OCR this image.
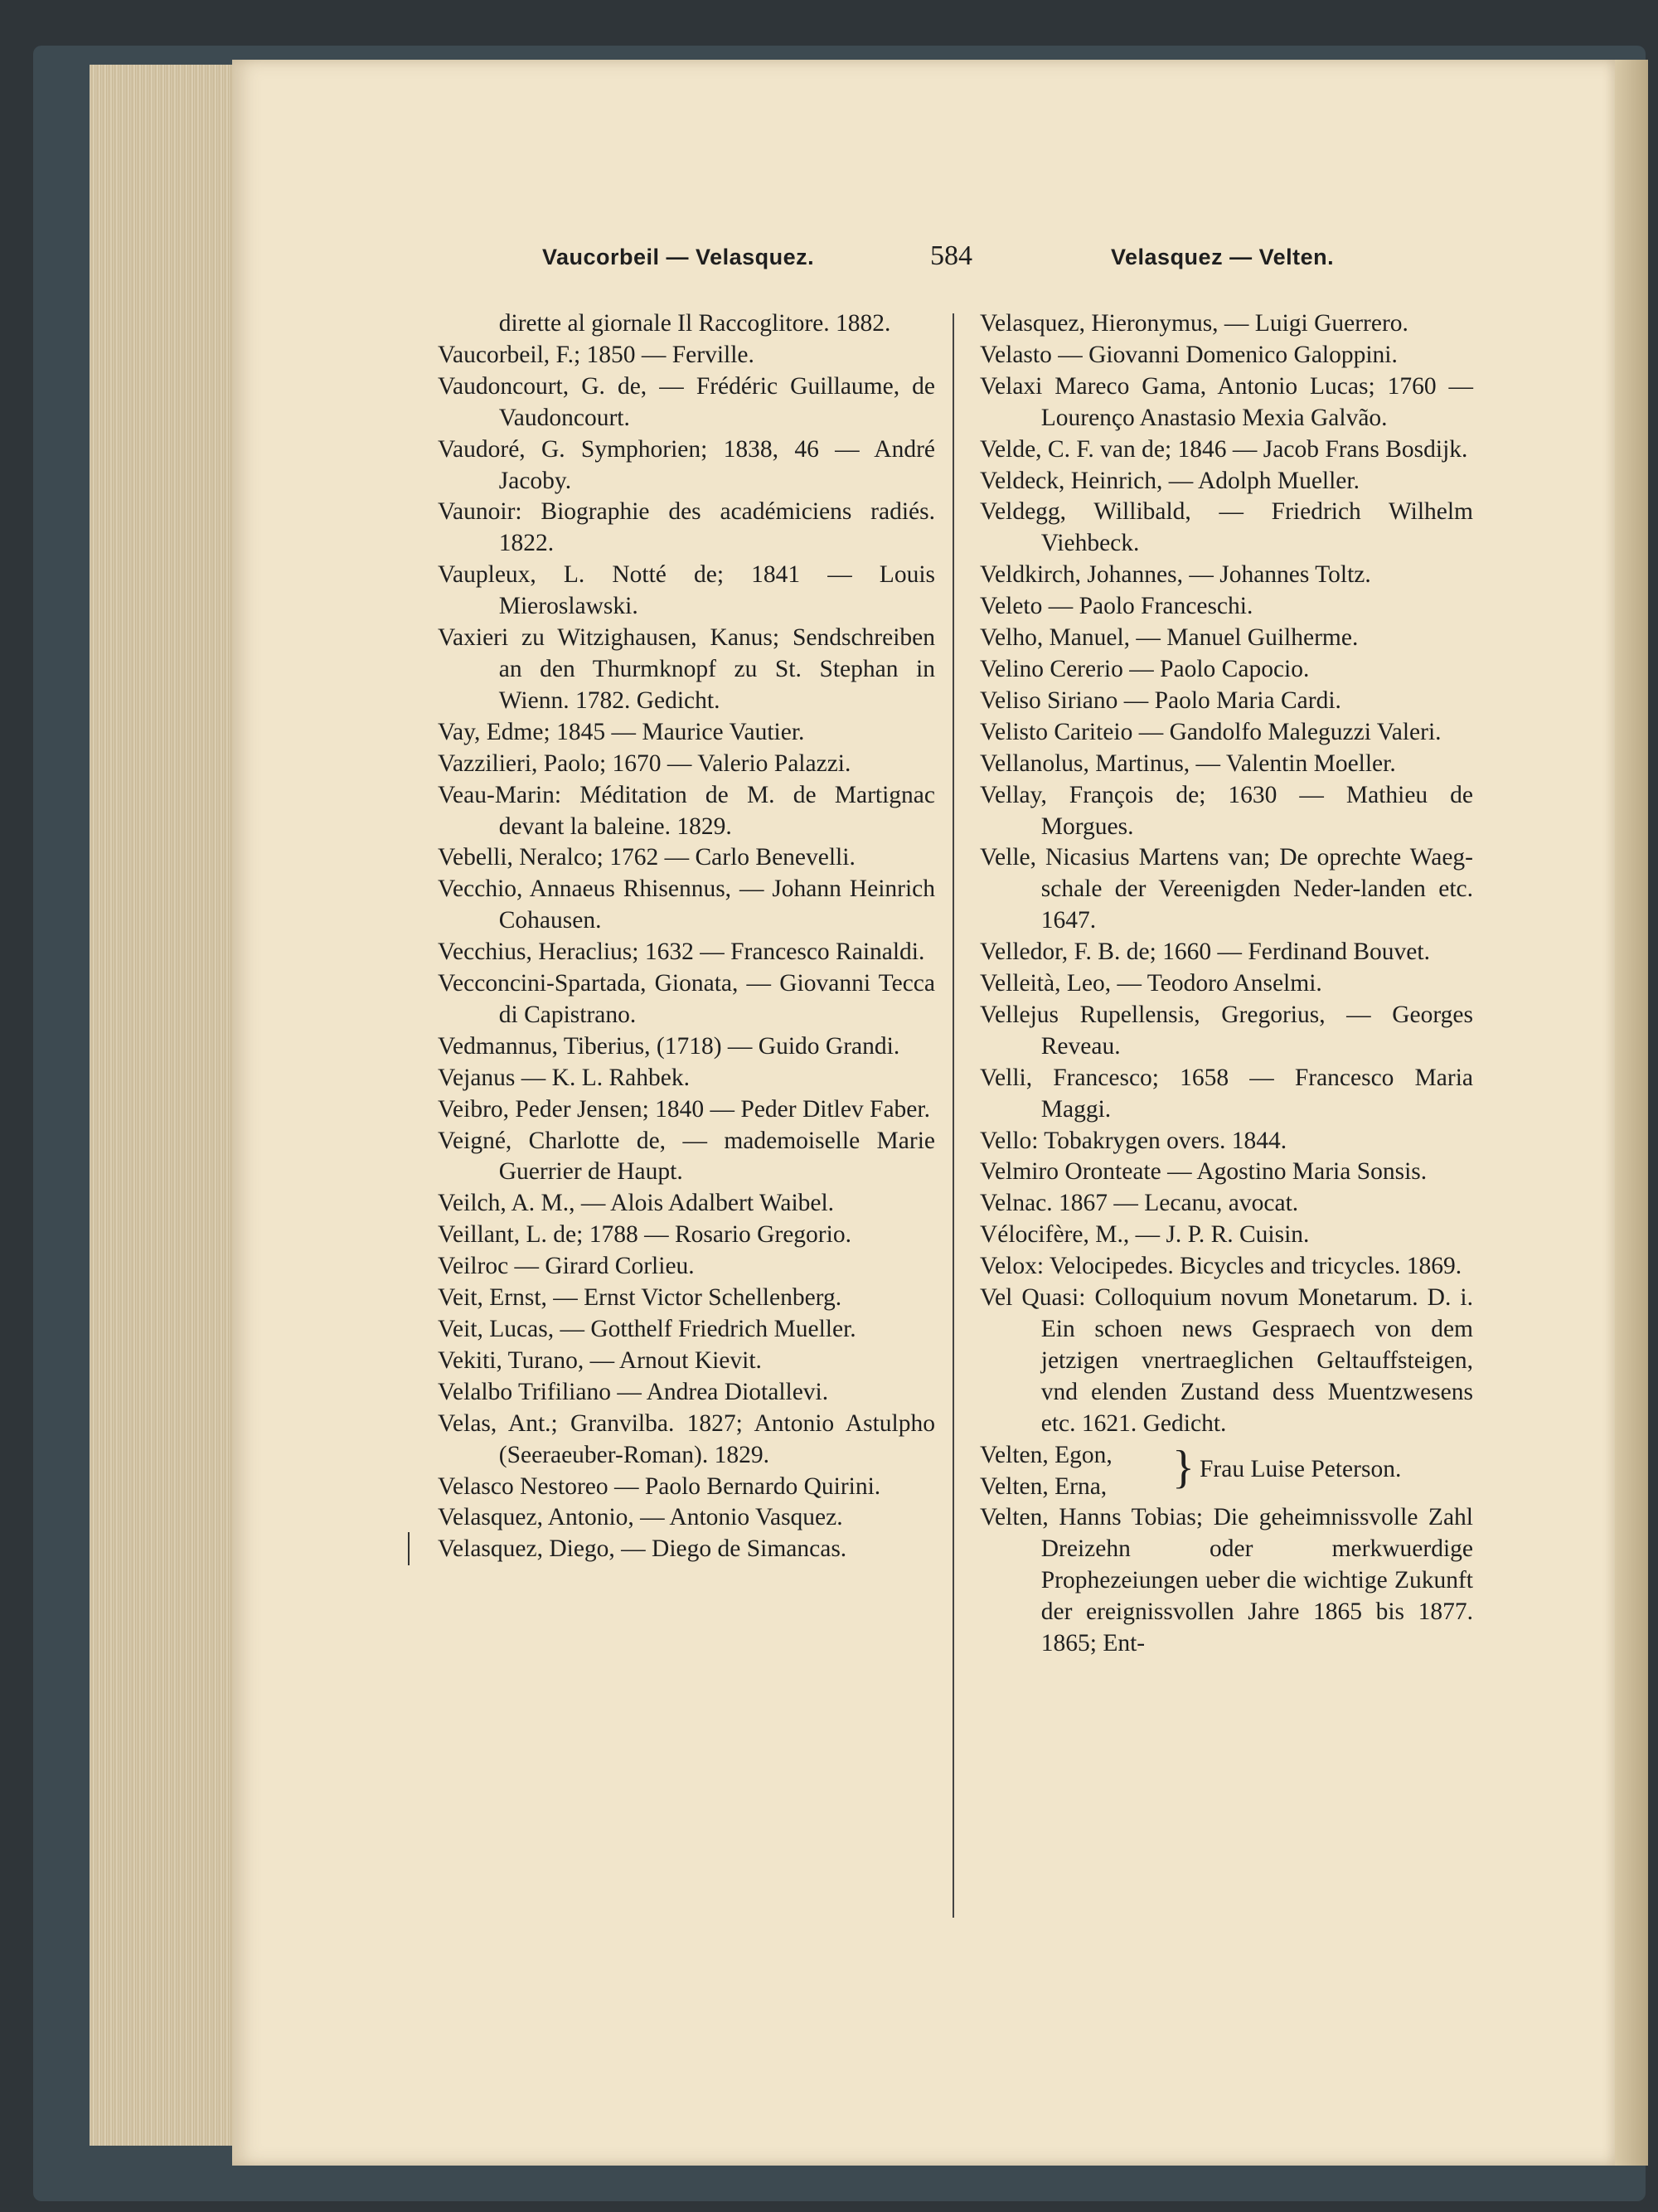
Vaucorbeil — Velasquez.	584	Velasquez — Velten.

dirette al giornale Il Raccoglitore. 1882.

Vaucorbeil, F.; 1850 — Ferville.

Vaudoncourt, G. de, — Frédéric Guillaume, de Vaudoncourt.

Vaudoré, G. Symphorien; 1838, 46 — André Jacoby.

Vaunoir: Biographie des académiciens radiés. 1822.

Vaupleux, L. Notté de; 1841 — Louis Mieroslawski.

Vaxieri zu Witzighausen, Kanus; Sendschreiben an den Thurmknopf zu St. Stephan in Wienn. 1782. Gedicht.

Vay, Edme; 1845 — Maurice Vautier.

Vazzilieri, Paolo; 1670 — Valerio Palazzi.

Veau-Marin: Méditation de M. de Martignac devant la baleine. 1829.

Vebelli, Neralco; 1762 — Carlo Benevelli.

Vecchio, Annaeus Rhisennus, — Johann Heinrich Cohausen.

Vecchius, Heraclius; 1632 — Francesco Rainaldi.

Vecconcini-Spartada, Gionata, — Giovanni Tecca di Capistrano.

Vedmannus, Tiberius, (1718) — Guido Grandi.

Vejanus — K. L. Rahbek.

Veibro, Peder Jensen; 1840 — Peder Ditlev Faber.

Veigné, Charlotte de, — mademoiselle Marie Guerrier de Haupt.

Veilch, A. M., — Alois Adalbert Waibel.

Veillant, L. de; 1788 — Rosario Gregorio.

Veilroc — Girard Corlieu.

Veit, Ernst, — Ernst Victor Schellenberg.

Veit, Lucas, — Gotthelf Friedrich Mueller.

Vekiti, Turano, — Arnout Kievit.

Velalbo Trifiliano — Andrea Diotallevi.

Velas, Ant.; Granvilba. 1827; Antonio Astulpho (Seeraeuber-Roman). 1829.

Velasco Nestoreo — Paolo Bernardo Quirini.

Velasquez, Antonio, — Antonio Vasquez.

Velasquez, Diego, — Diego de Simancas.

Velasquez, Hieronymus, — Luigi Guerrero.

Velasto — Giovanni Domenico Galoppini.

Velaxi Mareco Gama, Antonio Lucas; 1760 — Lourenço Anastasio Mexia Galvão.

Velde, C. F. van de; 1846 — Jacob Frans Bosdijk.

Veldeck, Heinrich, — Adolph Mueller.

Veldegg, Willibald, — Friedrich Wilhelm Viehbeck.

Veldkirch, Johannes, — Johannes Toltz.

Veleto — Paolo Franceschi.

Velho, Manuel, — Manuel Guilherme.

Velino Cererio — Paolo Capocio.

Veliso Siriano — Paolo Maria Cardi.

Velisto Cariteio — Gandolfo Maleguzzi Valeri.

Vellanolus, Martinus, — Valentin Moeller.

Vellay, François de; 1630 — Mathieu de Morgues.

Velle, Nicasius Martens van; De oprechte Waeg-schale der Vereenigden Neder-landen etc. 1647.

Velledor, F. B. de; 1660 — Ferdinand Bouvet.

Velleità, Leo, — Teodoro Anselmi.

Vellejus Rupellensis, Gregorius, — Georges Reveau.

Velli, Francesco; 1658 — Francesco Maria Maggi.

Vello: Tobakrygen overs. 1844.

Velmiro Oronteate — Agostino Maria Sonsis.

Velnac. 1867 — Lecanu, avocat.

Vélocifère, M., — J. P. R. Cuisin.

Velox: Velocipedes. Bicycles and tricycles. 1869.

Vel Quasi: Colloquium novum Monetarum. D. i. Ein schoen news Gespraech von dem jetzigen vnertraeglichen Geltauffsteigen, vnd elenden Zustand dess Muentzwesens etc. 1621. Gedicht.

Velten, Egon,
Velten, Erna, } Frau Luise Peterson.

Velten, Hanns Tobias; Die geheimnissvolle Zahl Dreizehn oder merkwuerdige Prophezeiungen ueber die wichtige Zukunft der ereignissvollen Jahre 1865 bis 1877. 1865; Ent-
